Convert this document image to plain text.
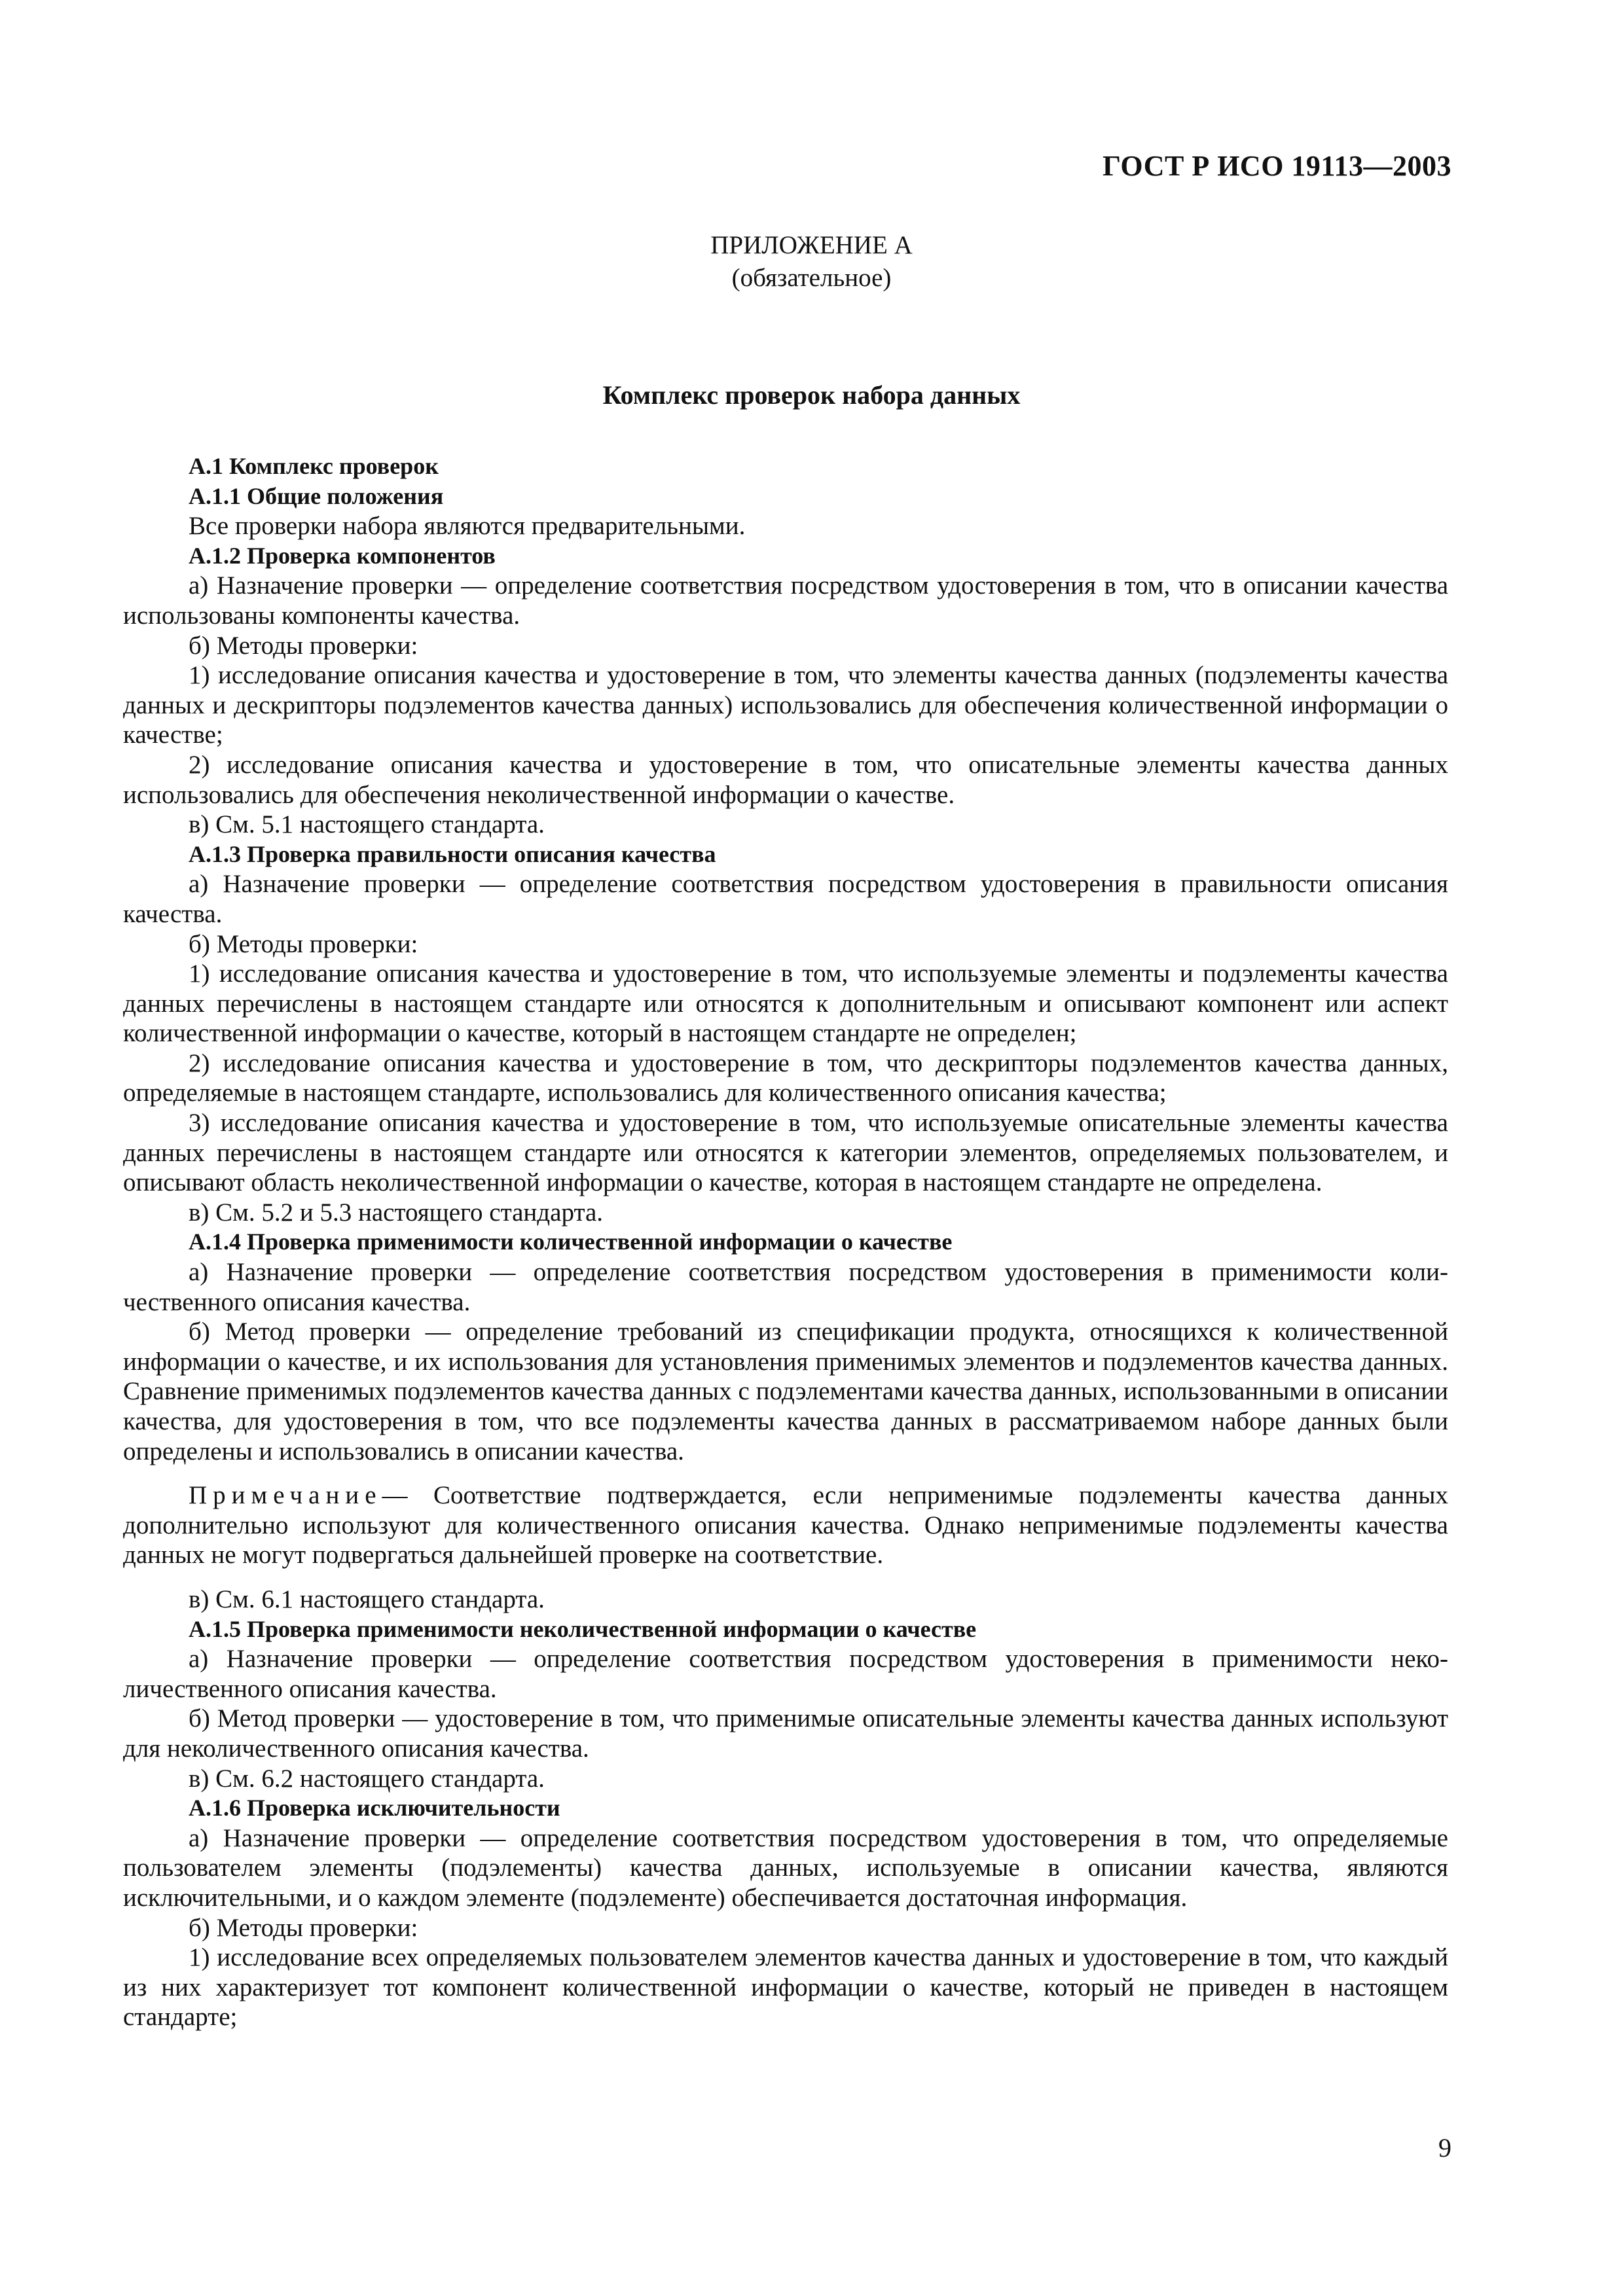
ГОСТ Р ИСО 19113—2003
ПРИЛОЖЕНИЕ А
(обязательное)
Комплекс проверок набора данных

А.1 Комплекс проверок

А.1.1 Общие положения

Все проверки набора являются предварительными.

А.1.2 Проверка компонентов

а) Назначение проверки — определение соответствия посредством удостоверения в том, что в описании качества использованы компоненты качества.

б) Методы проверки:

1) исследование описания качества и удостоверение в том, что элементы качества данных (подэлементы качества данных и дескрипторы подэлементов качества данных) использовались для обеспечения количественной информации о качестве;

2) исследование описания качества и удостоверение в том, что описательные элементы качества данных использовались для обеспечения неколичественной информации о качестве.

в) См. 5.1 настоящего стандарта.

А.1.3 Проверка правильности описания качества

а) Назначение проверки — определение соответствия посредством удостоверения в правильности описания качества.

б) Методы проверки:

1) исследование описания качества и удостоверение в том, что используемые элементы и подэлементы качества данных перечислены в настоящем стандарте или относятся к дополнительным и описывают компонент или аспект количественной информации о качестве, который в настоящем стандарте не определен;

2) исследование описания качества и удостоверение в том, что дескрипторы подэлементов качества данных, определяемые в настоящем стандарте, использовались для количественного описания качества;

3) исследование описания качества и удостоверение в том, что используемые описательные элементы качества данных перечислены в настоящем стандарте или относятся к категории элементов, определяемых пользователем, и описывают область неколичественной информации о качестве, которая в настоящем стандарте не определена.

в) См. 5.2 и 5.3 настоящего стандарта.

А.1.4 Проверка применимости количественной информации о качестве

а) Назначение проверки — определение соответствия посредством удостоверения в применимости количественного описания качества.

б) Метод проверки — определение требований из спецификации продукта, относящихся к количественной информации о качестве, и их использования для установления применимых элементов и подэлементов качества данных. Сравнение применимых подэлементов качества данных с подэлементами качества данных, использованными в описании качества, для удостоверения в том, что все подэлементы качества данных в рассматриваемом наборе данных были определены и использовались в описании качества.

Примечание— Соответствие подтверждается, если неприменимые подэлементы качества данных дополнительно используют для количественного описания качества. Однако неприменимые подэлементы качества данных не могут подвергаться дальнейшей проверке на соответствие.

в) См. 6.1 настоящего стандарта.

А.1.5 Проверка применимости неколичественной информации о качестве

а) Назначение проверки — определение соответствия посредством удостоверения в применимости неколичественного описания качества.

б) Метод проверки — удостоверение в том, что применимые описательные элементы качества данных используют для неколичественного описания качества.

в) См. 6.2 настоящего стандарта.

А.1.6 Проверка исключительности

а) Назначение проверки — определение соответствия посредством удостоверения в том, что определяемые пользователем элементы (подэлементы) качества данных, используемые в описании качества, являются исключительными, и о каждом элементе (подэлементе) обеспечивается достаточная информация.

б) Методы проверки:

1) исследование всех определяемых пользователем элементов качества данных и удостоверение в том, что каждый из них характеризует тот компонент количественной информации о качестве, который не приведен в настоящем стандарте;

9
